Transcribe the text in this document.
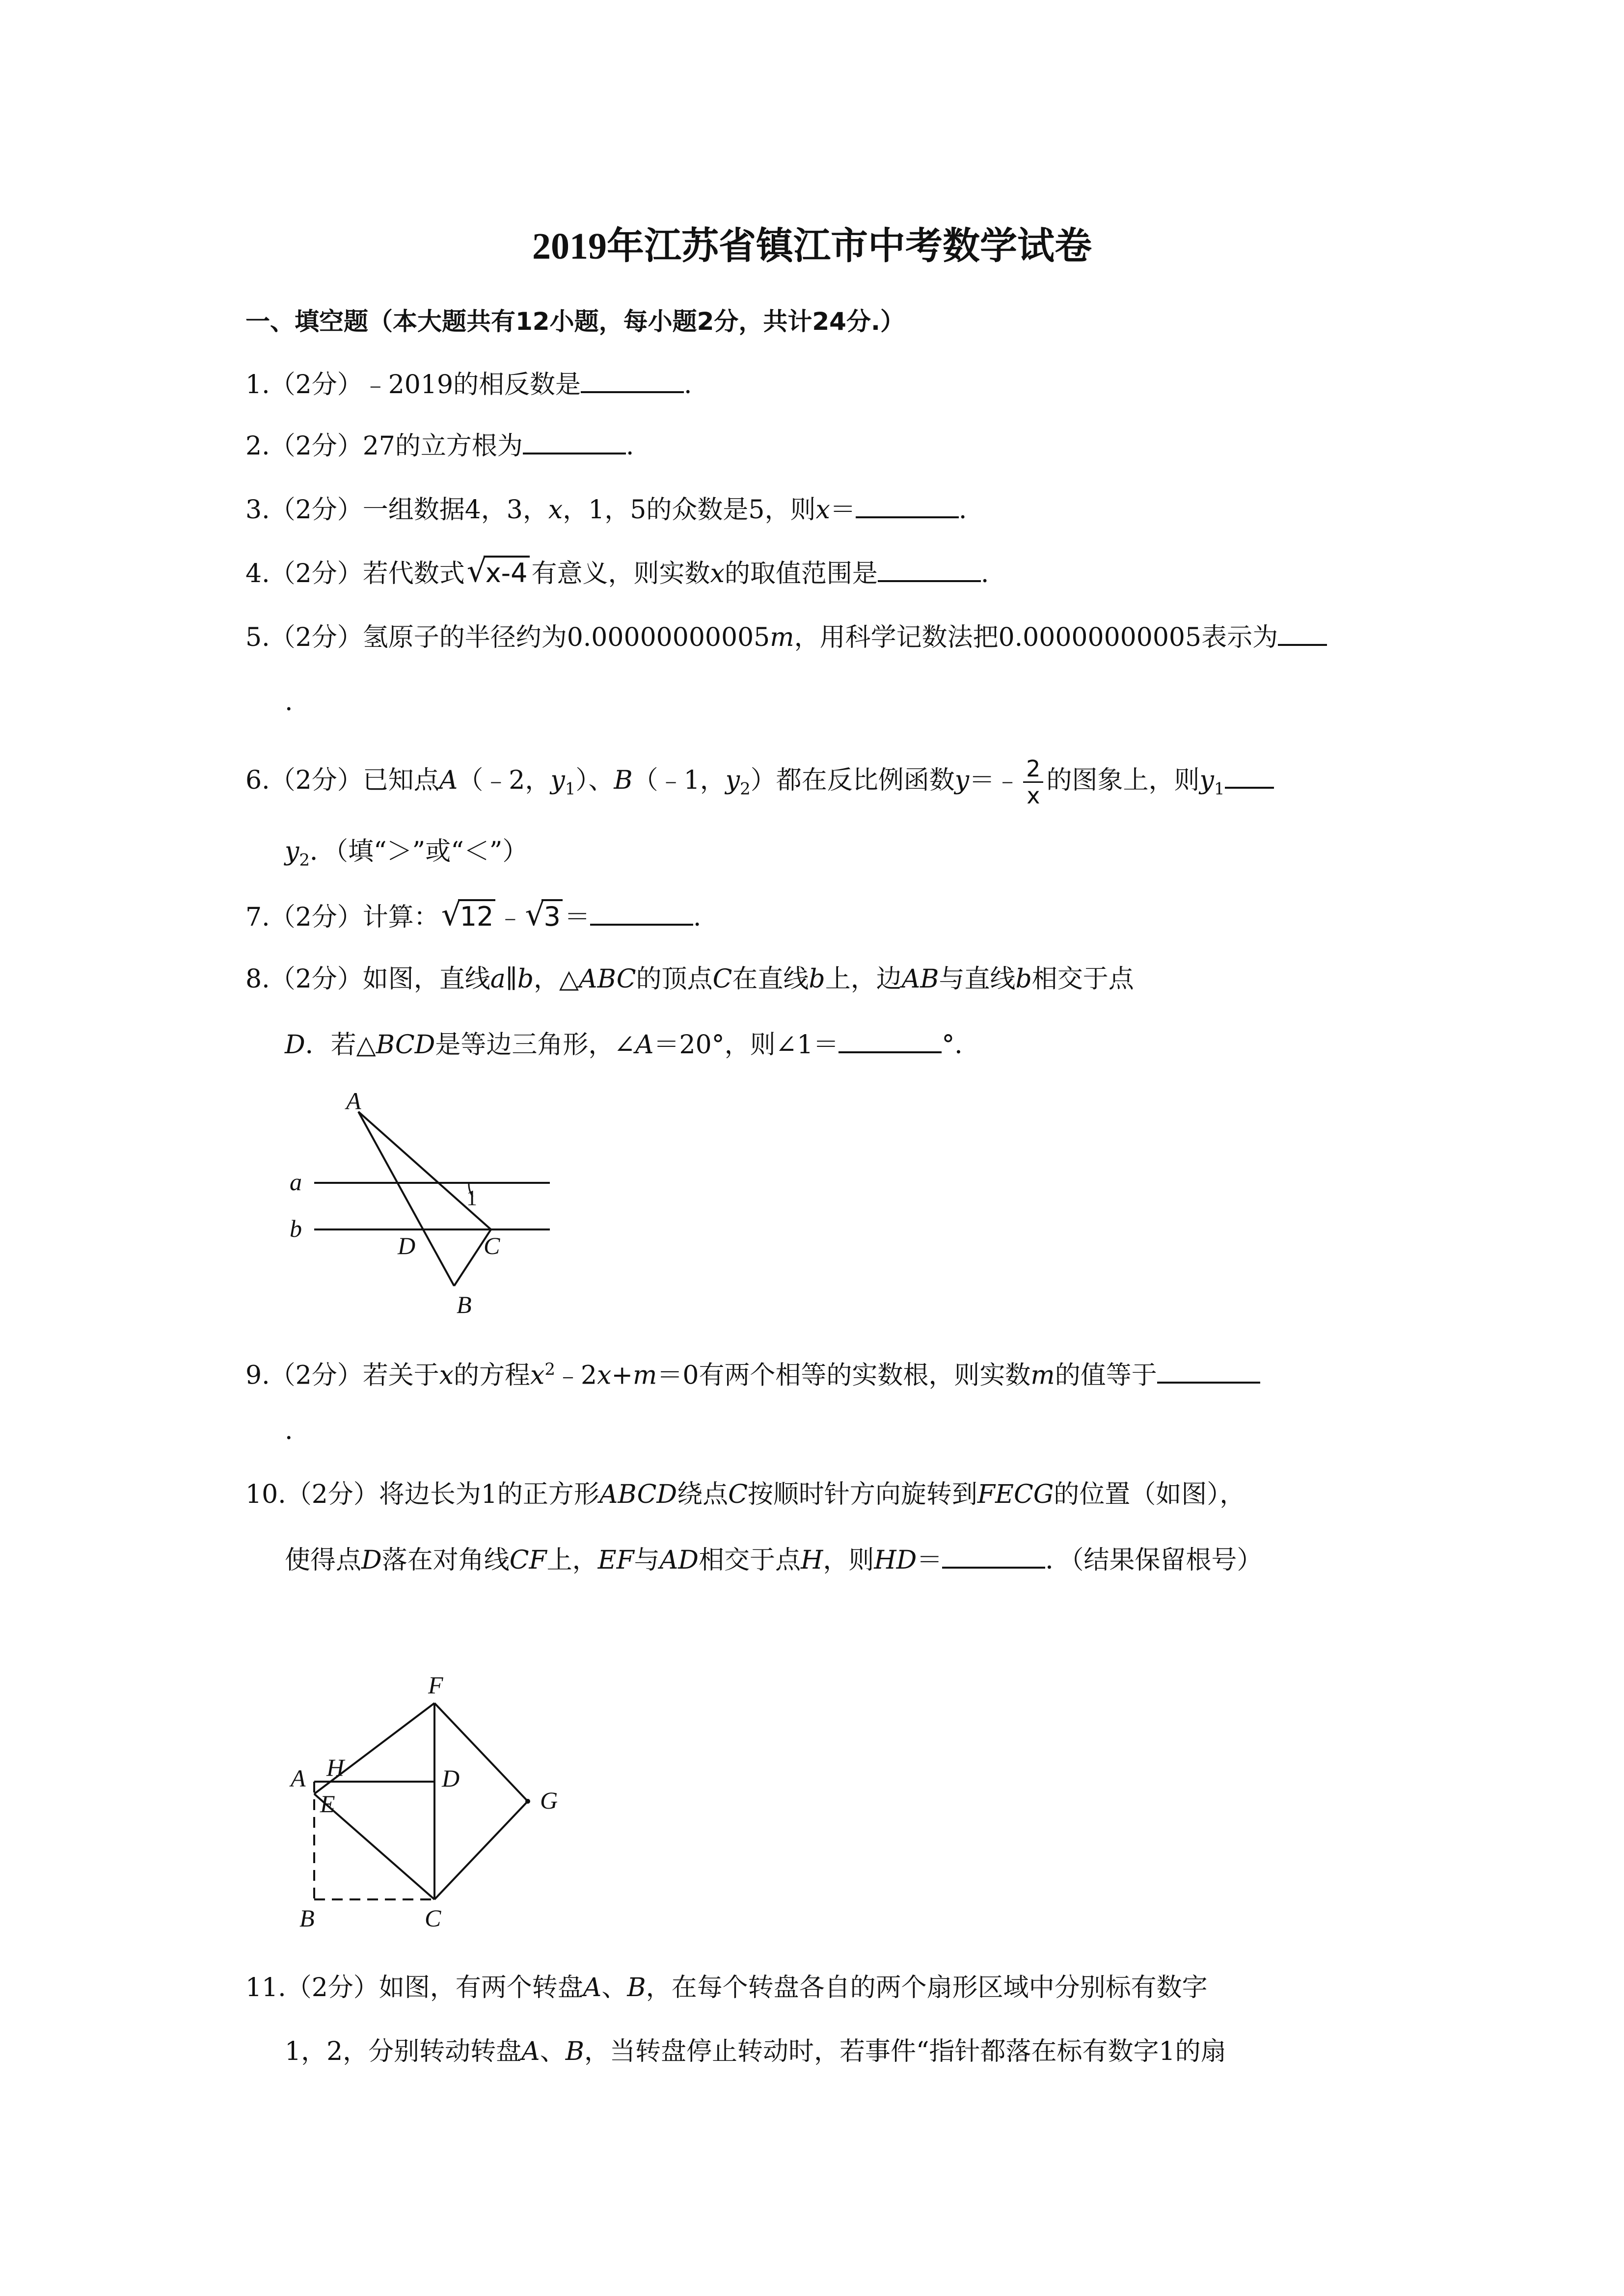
2019年江苏省镇江市中考数学试卷
一、填空题（本大题共有12小题，每小题2分，共计24分.）

1.（2分）﹣2019的相反数是	.

2.（2分）27的立方根为	.

3.（2分）一组数据4，3，x，1，5的众数是5，则x＝	.

4.（2分）若代数式 √
x-4 有意义，则实数x的取值范围是	.

5.（2分）氢原子的半径约为0.00000000005m，用科学记数法把0.00000000005表示为

.

6.（2分）已知点A（﹣2，$y_1$）、B（﹣1，$y_2$）都在反比例函数y＝﹣ $\frac{2}{x}$ 的图象上，则$y_1$

$y_2$．（填“＞”或“＜”）

7.（2分）计算： √
12 ﹣ √
3 ＝	.

8.（2分）如图，直线a∥b，△ABC的顶点C在直线b上，边AB与直线b相交于点

D．若△BCD是等边三角形，∠A＝20°，则∠1＝	°．

A
a
1
b
D	C
B

9.（2分）若关于x的方程$x^2﹣2x+m=0$有两个相等的实数根，则实数m的值等于

.

10.（2分）将边长为1的正方形ABCD绕点C按顺时针方向旋转到FECG的位置（如图），

使得点D落在对角线CF上，EF与AD相交于点H，则HD＝	．（结果保留根号）

F
A H	D
G
E
B	C

11.（2分）如图，有两个转盘A、B，在每个转盘各自的两个扇形区域中分别标有数字

1，2，分别转动转盘A、B，当转盘停止转动时，若事件“指针都落在标有数字1的扇
